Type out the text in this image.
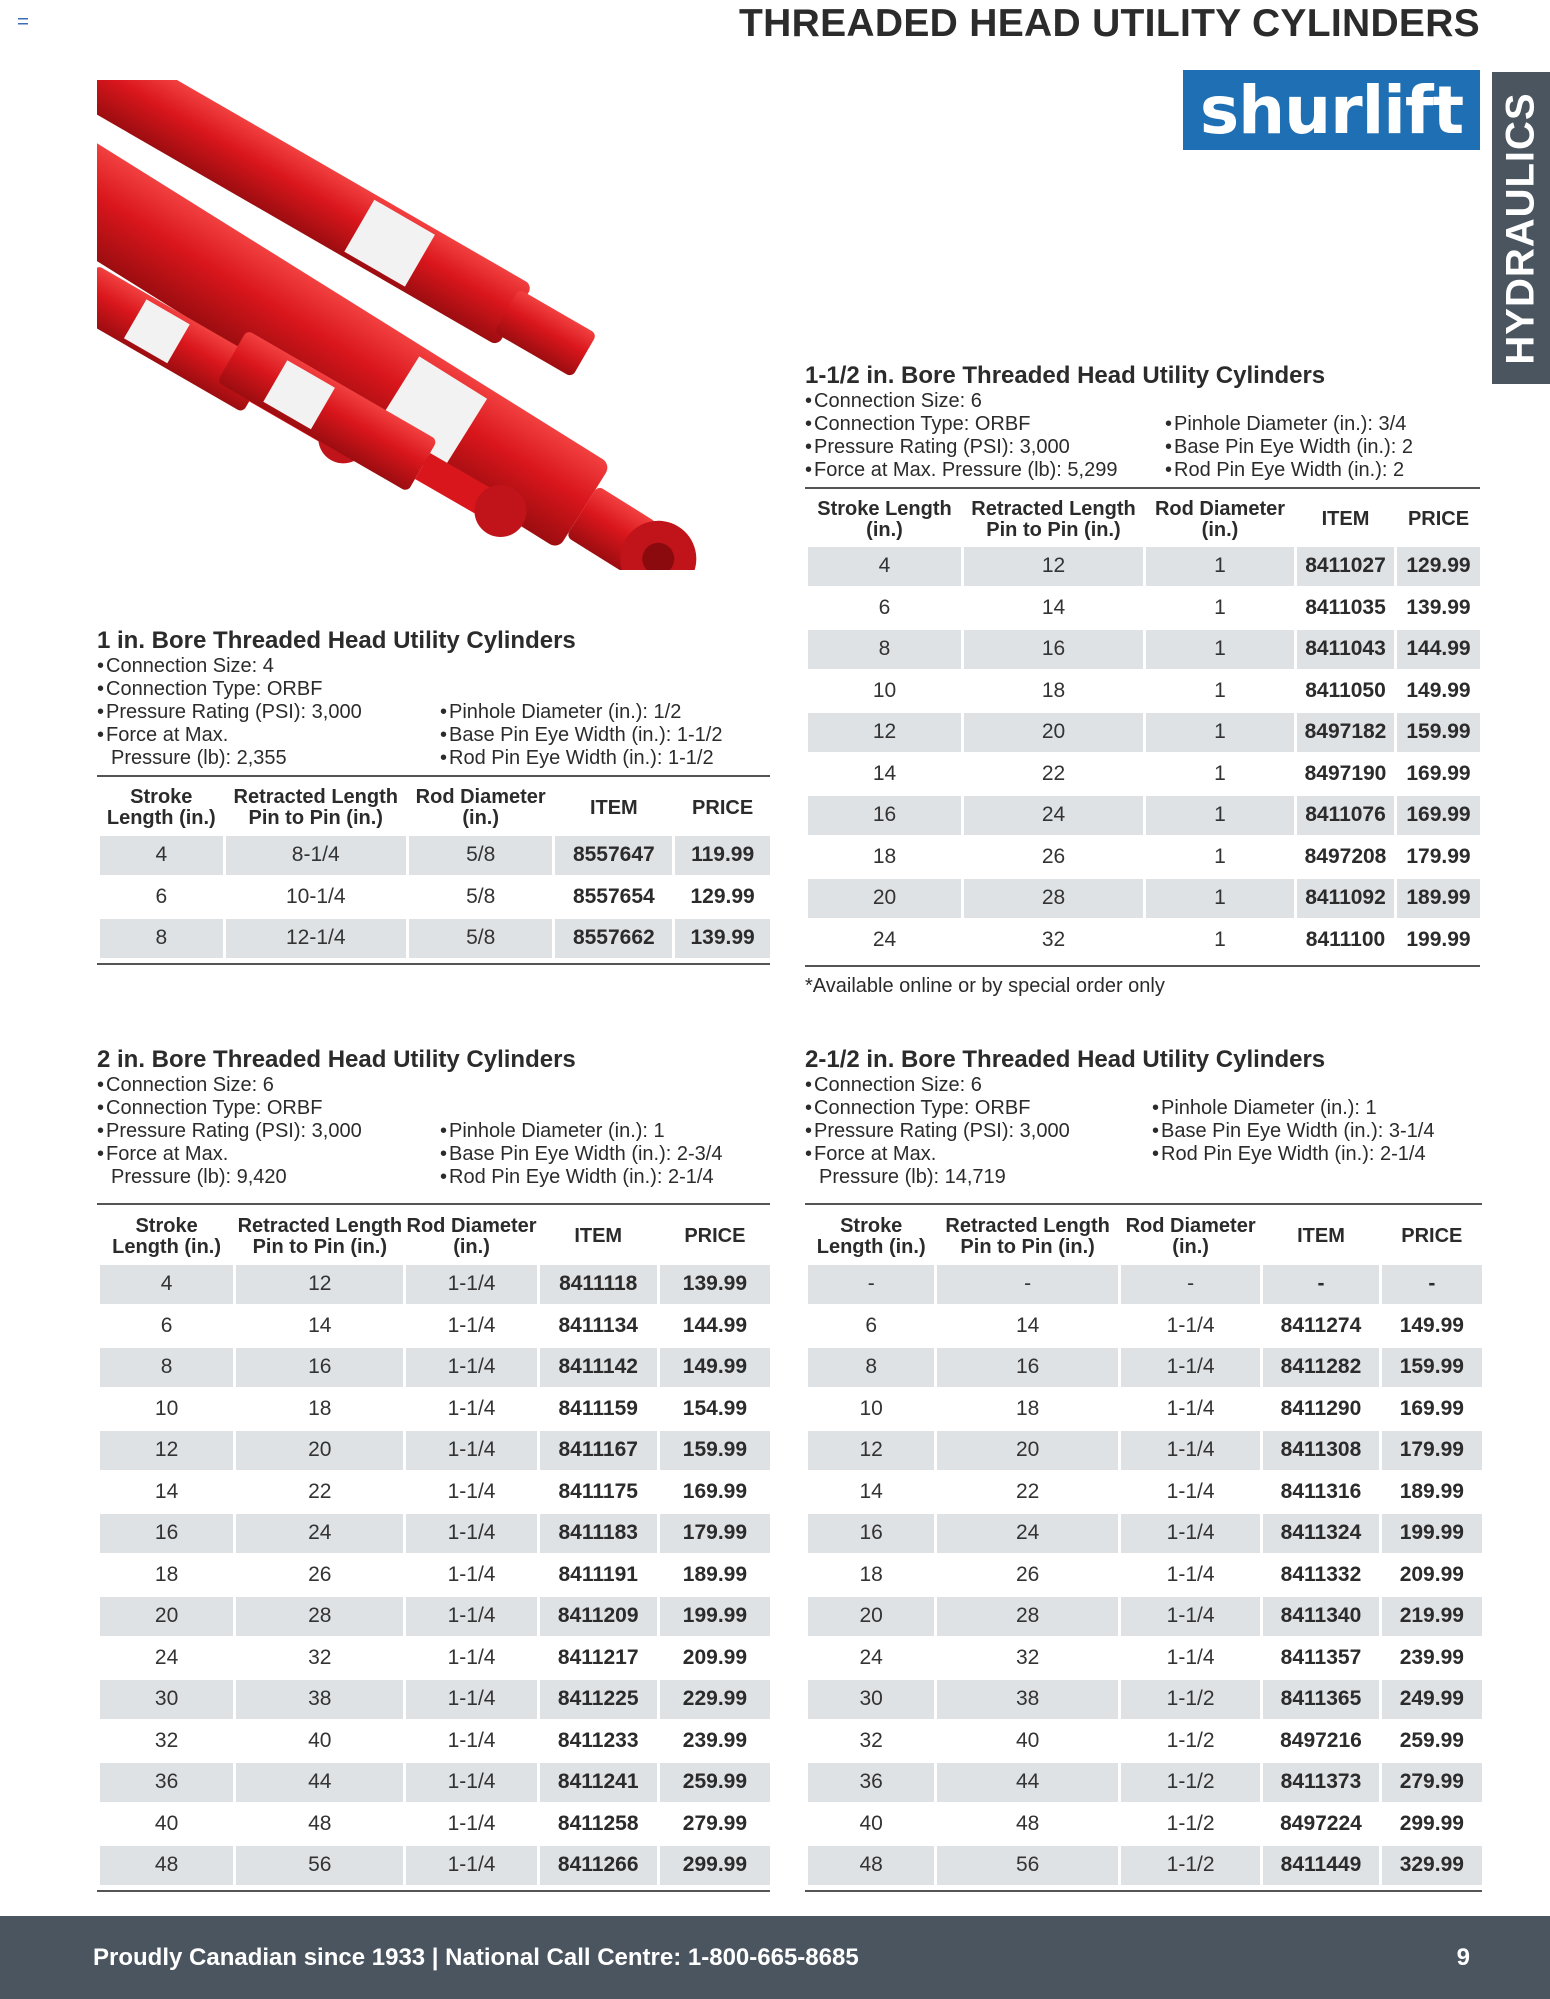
THREADED HEAD UTILITY CYLINDERS
shurlift HYDRAULICS
1 in. Bore Threaded Head Utility Cylinders
• Connection Size: 4
• Connection Type: ORBF
• Pressure Rating (PSI): 3,000
• Force at Max.
Pressure (lb): 2,355
• Pinhole Diameter (in.): 1/2
• Base Pin Eye Width (in.): 1-1/2
• Rod Pin Eye Width (in.): 1-1/2
Stroke Length (in.)	Retracted Length Pin to Pin (in.)	Rod Diameter (in.)	ITEM	PRICE
4	8-1/4	5/8	8557647	119.99
6	10-1/4	5/8	8557654	129.99
8	12-1/4	5/8	8557662	139.99
1-1/2 in. Bore Threaded Head Utility Cylinders
• Connection Size: 6
• Connection Type: ORBF
• Pressure Rating (PSI): 3,000
• Force at Max. Pressure (lb): 5,299
• Pinhole Diameter (in.): 3/4
• Base Pin Eye Width (in.): 2
• Rod Pin Eye Width (in.): 2
Stroke Length (in.)	Retracted Length Pin to Pin (in.)	Rod Diameter (in.)	ITEM	PRICE
4	12	1	8411027	129.99
6	14	1	8411035	139.99
8	16	1	8411043	144.99
10	18	1	8411050	149.99
12	20	1	8497182	159.99
14	22	1	8497190	169.99
16	24	1	8411076	169.99
18	26	1	8497208	179.99
20	28	1	8411092	189.99
24	32	1	8411100	199.99
*Available online or by special order only
2 in. Bore Threaded Head Utility Cylinders
• Connection Size: 6
• Connection Type: ORBF
• Pressure Rating (PSI): 3,000
• Force at Max.
Pressure (lb): 9,420
• Pinhole Diameter (in.): 1
• Base Pin Eye Width (in.): 2-3/4
• Rod Pin Eye Width (in.): 2-1/4
Stroke Length (in.)	Retracted Length Pin to Pin (in.)	Rod Diameter (in.)	ITEM	PRICE
4	12	1-1/4	8411118	139.99
6	14	1-1/4	8411134	144.99
8	16	1-1/4	8411142	149.99
10	18	1-1/4	8411159	154.99
12	20	1-1/4	8411167	159.99
14	22	1-1/4	8411175	169.99
16	24	1-1/4	8411183	179.99
18	26	1-1/4	8411191	189.99
20	28	1-1/4	8411209	199.99
24	32	1-1/4	8411217	209.99
30	38	1-1/4	8411225	229.99
32	40	1-1/4	8411233	239.99
36	44	1-1/4	8411241	259.99
40	48	1-1/4	8411258	279.99
48	56	1-1/4	8411266	299.99
2-1/2 in. Bore Threaded Head Utility Cylinders
• Connection Size: 6
• Connection Type: ORBF
• Pressure Rating (PSI): 3,000
• Force at Max.
Pressure (lb): 14,719
• Pinhole Diameter (in.): 1
• Base Pin Eye Width (in.): 3-1/4
• Rod Pin Eye Width (in.): 2-1/4
Stroke Length (in.)	Retracted Length Pin to Pin (in.)	Rod Diameter (in.)	ITEM	PRICE
-	-	-	-	-
6	14	1-1/4	8411274	149.99
8	16	1-1/4	8411282	159.99
10	18	1-1/4	8411290	169.99
12	20	1-1/4	8411308	179.99
14	22	1-1/4	8411316	189.99
16	24	1-1/4	8411324	199.99
18	26	1-1/4	8411332	209.99
20	28	1-1/4	8411340	219.99
24	32	1-1/4	8411357	239.99
30	38	1-1/2	8411365	249.99
32	40	1-1/2	8497216	259.99
36	44	1-1/2	8411373	279.99
40	48	1-1/2	8497224	299.99
48	56	1-1/2	8411449	329.99
Proudly Canadian since 1933 | National Call Centre: 1-800-665-8685	9
